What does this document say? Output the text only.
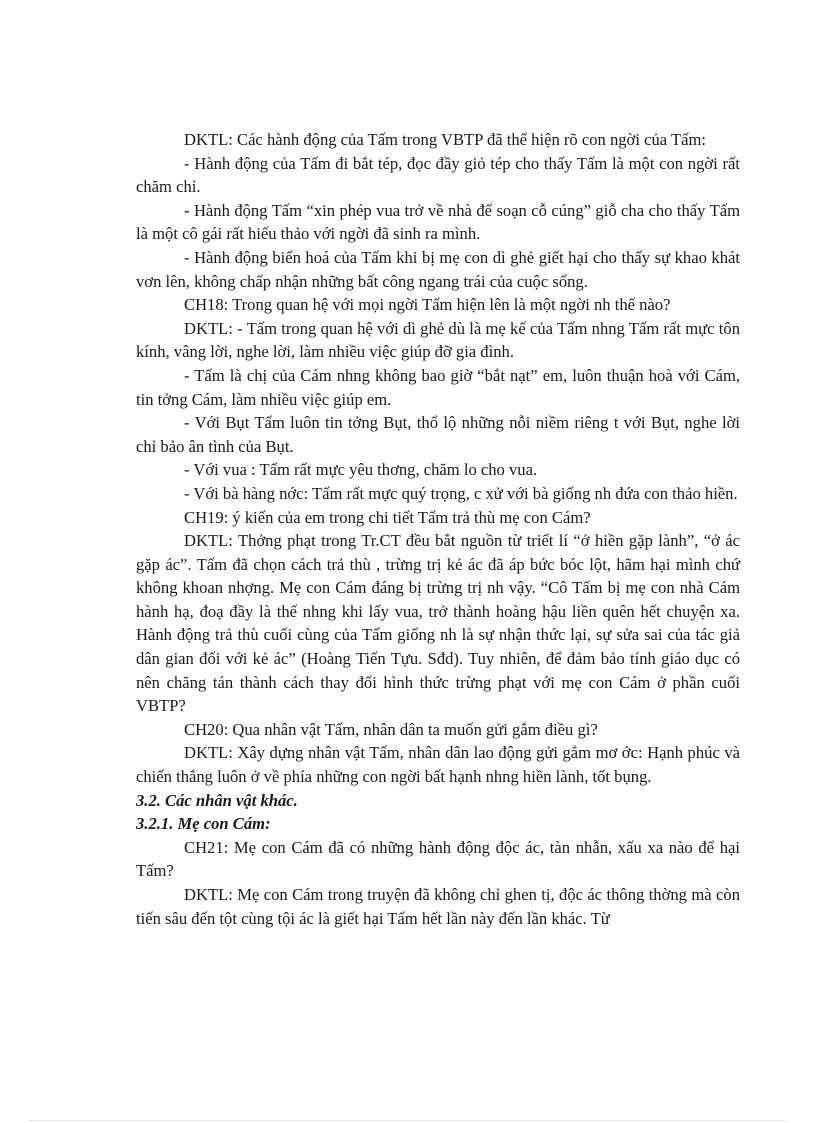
DKTL: Các hành động của Tấm trong VBTP đã thể hiện rõ con ngời của Tấm:

- Hành động của Tấm đi bắt tép, đọc đầy giỏ tép cho thấy Tấm là một con ngời rất chăm chỉ.

- Hành động Tấm “xin phép vua trở về nhà để soạn cỗ cúng” giỗ cha cho thấy Tấm là một cô gái rất hiếu thảo với ngời đã sinh ra mình.

- Hành động biến hoá của Tấm khi bị mẹ con dì ghẻ giết hại cho thấy sự khao khát vơn lên, không chấp nhận những bất công ngang trái của cuộc sống.

CH18: Trong quan hệ với mọi ngời Tấm hiện lên là một ngời nh thế nào?

DKTL: - Tấm trong quan hệ với dì ghẻ dù là mẹ kế của Tấm nhng Tấm rất mực tôn kính, vâng lời, nghe lời, làm nhiều việc giúp đỡ gia đình.

- Tấm là chị của Cám nhng không bao giờ “bắt nạt” em, luôn thuận hoà với Cám, tin tởng Cám, làm nhiều việc giúp em.

- Với Bụt Tấm luôn tin tởng Bụt, thổ lộ những nỗi niềm riêng t với Bụt, nghe lời chỉ bảo ân tình của Bụt.

- Với vua : Tấm rất mực yêu thơng, chăm lo cho vua.

- Với bà hàng nớc: Tấm rất mực quý trọng, c xử với bà giống nh đứa con thảo hiền.

CH19: ý kiến của em trong chi tiết Tấm trả thù mẹ con Cám?

DKTL: Thởng phạt trong Tr.CT đều bắt nguồn từ triết lí “ở hiền gặp lành”, “ở ác gặp ác”. Tấm đã chọn cách trả thù , trừng trị kẻ ác đã áp bức bóc lột, hãm hại mình chứ không khoan nhợng. Mẹ con Cám đáng bị trừng trị nh vậy. “Cô Tấm bị mẹ con nhà Cám hành hạ, đoạ đầy là thế nhng khi lấy vua, trở thành hoàng hậu liền quên hết chuyện xa. Hành động trả thù cuối cùng của Tấm giống nh là sự nhận thức lại, sự sửa sai của tác giả dân gian đối với kẻ ác” (Hoàng Tiến Tựu. Sđd). Tuy nhiên, để đảm bảo tính giáo dục có nên chăng tán thành cách thay đổi hình thức trừng phạt với mẹ con Cám ở phần cuối VBTP?

CH20: Qua nhân vật Tấm, nhân dân ta muốn gửi gắm điều gì?

DKTL: Xây dựng nhân vật Tấm, nhân dân lao động gửi gắm mơ ớc: Hạnh phúc và chiến thắng luôn ở về phía những con ngời bất hạnh nhng hiền lành, tốt bụng.

3.2. Các nhân vật khác.

3.2.1. Mẹ con Cám:

CH21: Mẹ con Cám đã có những hành động độc ác, tàn nhẫn, xấu xa nào để hại Tấm?

DKTL: Mẹ con Cám trong truyện đã không chỉ ghen tị, độc ác thông thờng mà còn tiến sâu đến tột cùng tội ác là giết hại Tấm hết lần này đến lần khác. Từ
